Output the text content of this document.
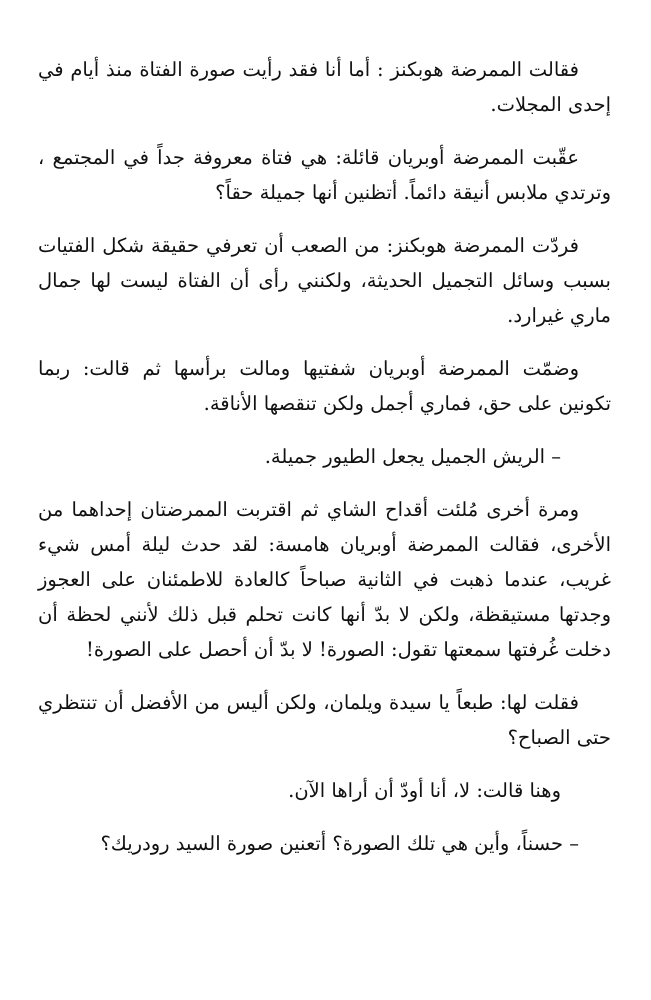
فقالت الممرضة هوبكنز : أما أنا فقد رأيت صورة الفتاة منذ أيام في إحدى المجلات.

عقّبت الممرضة أوبريان قائلة: هي فتاة معروفة جداً في المجتمع ، وترتدي ملابس أنيقة دائماً. أتظنين أنها جميلة حقاً؟

فردّت الممرضة هوبكنز: من الصعب أن تعرفي حقيقة شكل الفتيات بسبب وسائل التجميل الحديثة، ولكنني رأى أن الفتاة ليست لها جمال ماري غيرارد.

وضمّت الممرضة أوبريان شفتيها ومالت برأسها ثم قالت: ربما تكونين على حق، فماري أجمل ولكن تنقصها الأناقة.

– الريش الجميل يجعل الطيور جميلة.

ومرة أخرى مُلئت أقداح الشاي ثم اقتربت الممرضتان إحداهما من الأخرى، فقالت الممرضة أوبريان هامسة: لقد حدث ليلة أمس شيء غريب، عندما ذهبت في الثانية صباحاً كالعادة للاطمئنان على العجوز وجدتها مستيقظة، ولكن لا بدّ أنها كانت تحلم قبل ذلك لأنني لحظة أن دخلت غُرفتها سمعتها تقول: الصورة! لا بدّ أن أحصل على الصورة!

فقلت لها: طبعاً يا سيدة ويلمان، ولكن أليس من الأفضل أن تنتظري حتى الصباح؟

وهنا قالت: لا، أنا أودّ أن أراها الآن.

– حسناً، وأين هي تلك الصورة؟ أتعنين صورة السيد رودريك؟
